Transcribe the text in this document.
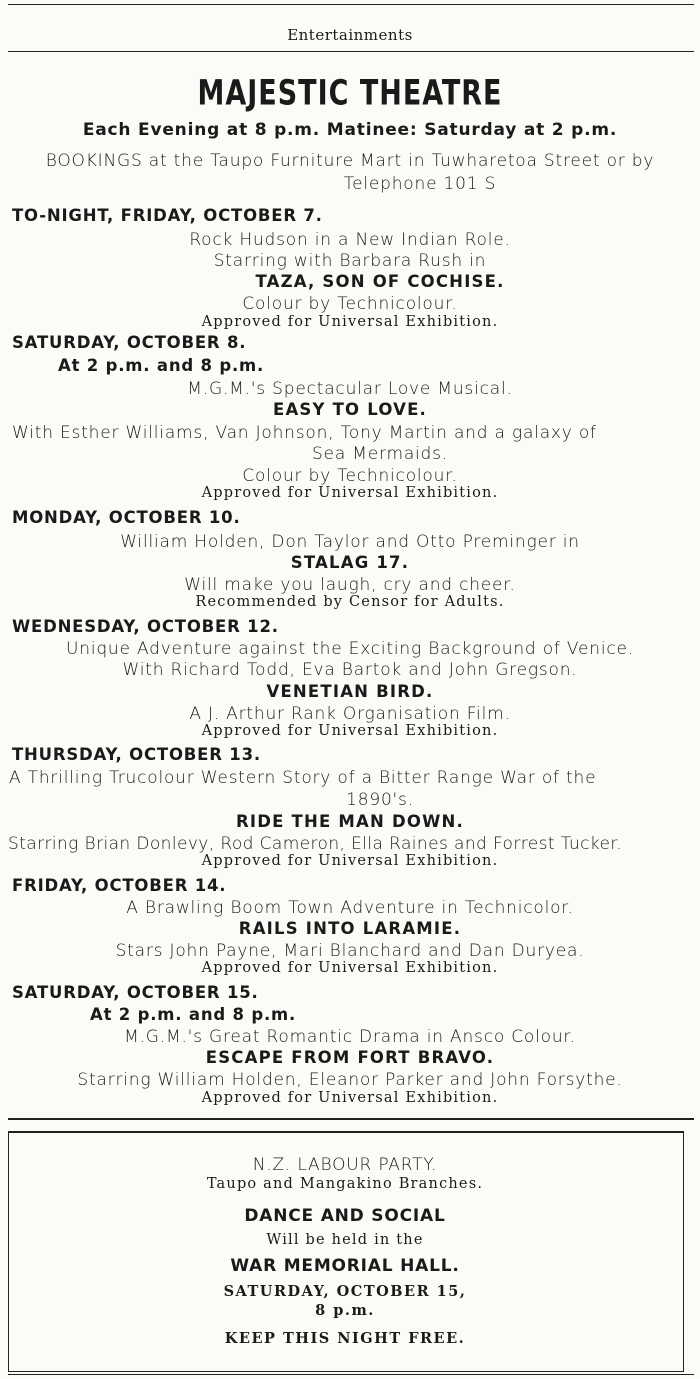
Entertainments
MAJESTIC THEATRE
Each Evening at 8 p.m. Matinee: Saturday at 2 p.m.
BOOKINGS at the Taupo Furniture Mart in Tuwharetoa Street or by
Telephone 101 S
TO-NIGHT, FRIDAY, OCTOBER 7.
Rock Hudson in a New Indian Role.
Starring with Barbara Rush in
TAZA, SON OF COCHISE.
Colour by Technicolour.
Approved for Universal Exhibition.
SATURDAY, OCTOBER 8.
At 2 p.m. and 8 p.m.
M.G.M.'s Spectacular Love Musical.
EASY TO LOVE.
With Esther Williams, Van Johnson, Tony Martin and a galaxy of
Sea Mermaids.
Colour by Technicolour.
Approved for Universal Exhibition.
MONDAY, OCTOBER 10.
William Holden, Don Taylor and Otto Preminger in
STALAG 17.
Will make you laugh, cry and cheer.
Recommended by Censor for Adults.
WEDNESDAY, OCTOBER 12.
Unique Adventure against the Exciting Background of Venice.
With Richard Todd, Eva Bartok and John Gregson.
VENETIAN BIRD.
A J. Arthur Rank Organisation Film.
Approved for Universal Exhibition.
THURSDAY, OCTOBER 13.
A Thrilling Trucolour Western Story of a Bitter Range War of the
1890's.
RIDE THE MAN DOWN.
Starring Brian Donlevy, Rod Cameron, Ella Raines and Forrest Tucker.
Approved for Universal Exhibition.
FRIDAY, OCTOBER 14.
A Brawling Boom Town Adventure in Technicolor.
RAILS INTO LARAMIE.
Stars John Payne, Mari Blanchard and Dan Duryea.
Approved for Universal Exhibition.
SATURDAY, OCTOBER 15.
At 2 p.m. and 8 p.m.
M.G.M.'s Great Romantic Drama in Ansco Colour.
ESCAPE FROM FORT BRAVO.
Starring William Holden, Eleanor Parker and John Forsythe.
Approved for Universal Exhibition.
N.Z. LABOUR PARTY.
Taupo and Mangakino Branches.
DANCE AND SOCIAL
Will be held in the
WAR MEMORIAL HALL.
SATURDAY, OCTOBER 15,
8 p.m.
KEEP THIS NIGHT FREE.
